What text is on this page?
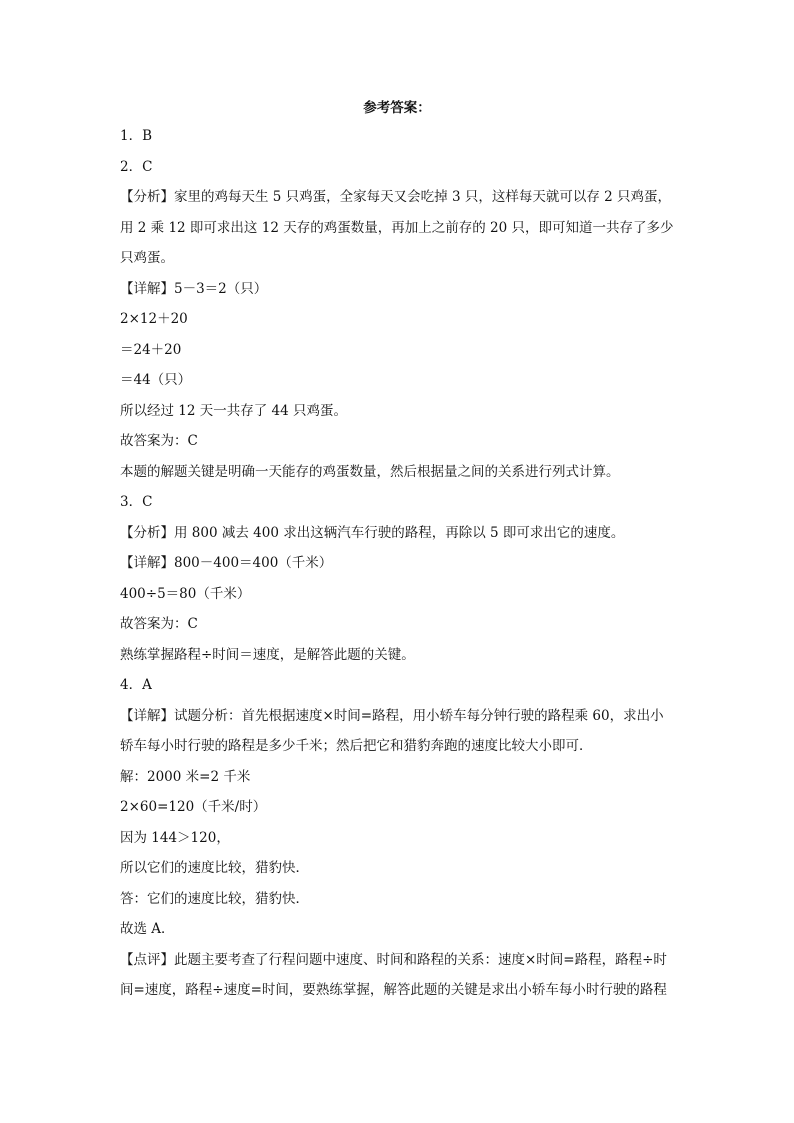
参考答案：
1．B
2．C
【分析】家里的鸡每天生 5 只鸡蛋，全家每天又会吃掉 3 只，这样每天就可以存 2 只鸡蛋，
用 2 乘 12 即可求出这 12 天存的鸡蛋数量，再加上之前存的 20 只，即可知道一共存了多少
只鸡蛋。
【详解】5－3＝2（只）
2×12＋20
＝24＋20
＝44（只）
所以经过 12 天一共存了 44 只鸡蛋。
故答案为：C
本题的解题关键是明确一天能存的鸡蛋数量，然后根据量之间的关系进行列式计算。
3．C
【分析】用 800 减去 400 求出这辆汽车行驶的路程，再除以 5 即可求出它的速度。
【详解】800－400＝400（千米）
400÷5＝80（千米）
故答案为：C
熟练掌握路程÷时间＝速度，是解答此题的关键。
4．A
【详解】试题分析：首先根据速度×时间=路程，用小轿车每分钟行驶的路程乘 60，求出小
轿车每小时行驶的路程是多少千米；然后把它和猎豹奔跑的速度比较大小即可．
解：2000 米=2 千米
2×60=120（千米/时）
因为 144＞120，
所以它们的速度比较，猎豹快．
答：它们的速度比较，猎豹快．
故选 A．
【点评】此题主要考查了行程问题中速度、时间和路程的关系：速度×时间=路程，路程÷时
间=速度，路程÷速度=时间，要熟练掌握，解答此题的关键是求出小轿车每小时行驶的路程
